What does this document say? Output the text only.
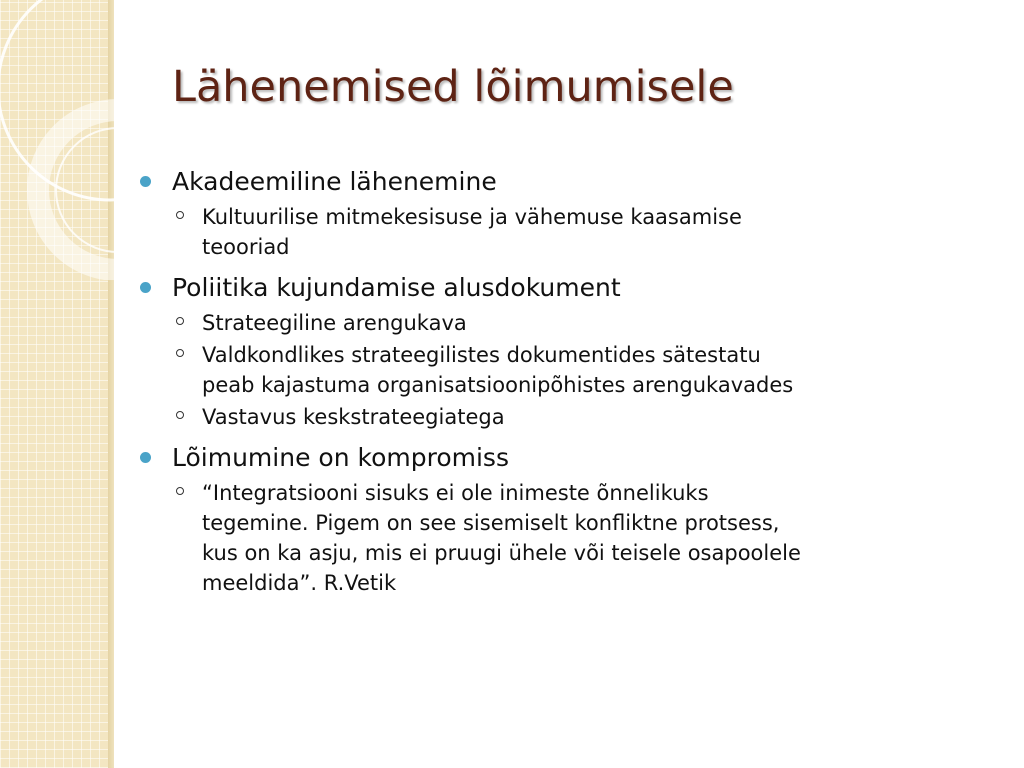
Lähenemised lõimumisele
Akadeemiline lähenemine
Kultuurilise mitmekesisuse ja vähemuse kaasamise
teooriad
Poliitika kujundamise alusdokument
Strateegiline arengukava
Valdkondlikes strateegilistes dokumentides sätestatu
peab kajastuma organisatsioonipõhistes arengukavades
Vastavus keskstrateegiatega
Lõimumine on kompromiss
“Integratsiooni sisuks ei ole inimeste õnnelikuks
tegemine. Pigem on see sisemiselt konfliktne protsess,
kus on ka asju, mis ei pruugi ühele või teisele osapoolele
meeldida”. R.Vetik
